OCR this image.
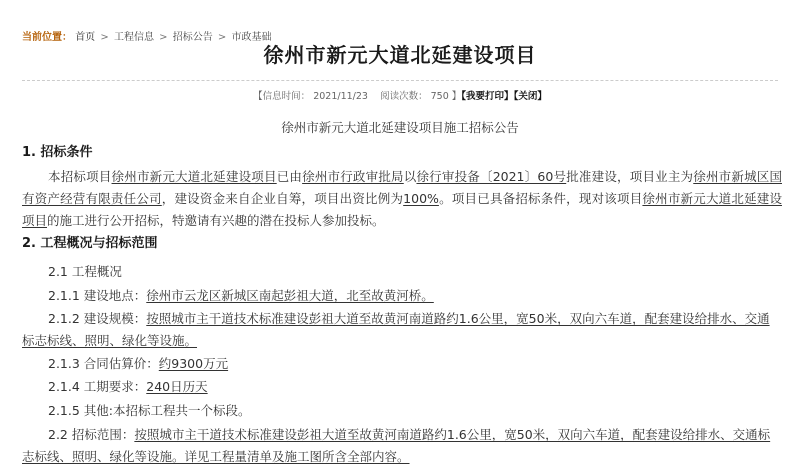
当前位置： 首页 > 工程信息 > 招标公告 > 市政基础
徐州市新元大道北延建设项目
【信息时间： 2021/11/23 阅读次数： 750 】【我要打印】【关闭】
徐州市新元大道北延建设项目施工招标公告
1. 招标条件
本招标项目徐州市新元大道北延建设项目已由徐州市行政审批局以徐行审投备〔2021〕60号批准建设，项目业主为徐州市新城区国有资产经营有限责任公司，建设资金来自企业自筹，项目出资比例为100%。项目已具备招标条件，现对该项目徐州市新元大道北延建设项目的施工进行公开招标，特邀请有兴趣的潜在投标人参加投标。
2. 工程概况与招标范围
2.1 工程概况
2.1.1 建设地点：徐州市云龙区新城区南起彭祖大道，北至故黄河桥。
2.1.2 建设规模：按照城市主干道技术标准建设彭祖大道至故黄河南道路约1.6公里，宽50米，双向六车道，配套建设给排水、交通标志标线、照明、绿化等设施。
2.1.3 合同估算价：约9300万元
2.1.4 工期要求：240日历天
2.1.5 其他:本招标工程共一个标段。
2.2 招标范围：按照城市主干道技术标准建设彭祖大道至故黄河南道路约1.6公里，宽50米，双向六车道，配套建设给排水、交通标志标线、照明、绿化等设施。详见工程量清单及施工图所含全部内容。
